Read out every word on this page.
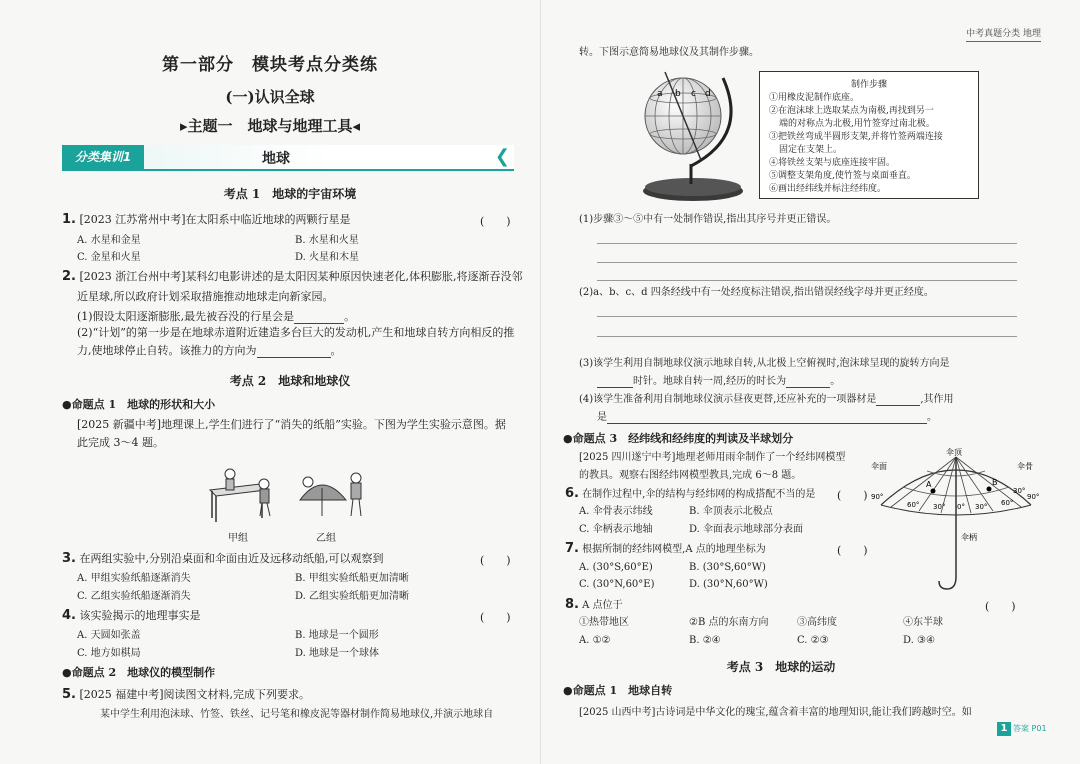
第一部分　模块考点分类练
(一)认识全球
▸主题一　地球与地理工具◂
分类集训1	地球	❮
考点 1　地球的宇宙环境
1. [2023 江苏常州中考]在太阳系中临近地球的两颗行星是	(　　)
A. 水星和金星	B. 水星和火星
C. 金星和火星	D. 火星和木星
2. [2023 浙江台州中考]某科幻电影讲述的是太阳因某种原因快速老化,体积膨胀,将逐渐吞没邻
近星球,所以政府计划采取措施推动地球走向新家园。
(1)假设太阳逐渐膨胀,最先被吞没的行星会是	。
(2)“计划”的第一步是在地球赤道附近建造多台巨大的发动机,产生和地球自转方向相反的推
力,使地球停止自转。该推力的方向为	。
考点 2　地球和地球仪
●命题点 1　地球的形状和大小
[2025 新疆中考]地理课上,学生们进行了“消失的纸船”实验。下图为学生实验示意图。据
此完成 3～4 题。
甲组	乙组
3. 在两组实验中,分别沿桌面和伞面由近及远移动纸船,可以观察到	(　　)
A. 甲组实验纸船逐渐消失	B. 甲组实验纸船更加清晰
C. 乙组实验纸船逐渐消失	D. 乙组实验纸船更加清晰
4. 该实验揭示的地理事实是	(　　)
A. 天圆如张盖	B. 地球是一个圆形
C. 地方如棋局	D. 地球是一个球体
●命题点 2　地球仪的模型制作
5. [2025 福建中考]阅读图文材料,完成下列要求。
某中学生利用泡沫球、竹签、铁丝、记号笔和橡皮泥等器材制作简易地球仪,并演示地球自
中考真题分类 地理
转。下图示意简易地球仪及其制作步骤。
a b c d
制作步骤
①用橡皮泥制作底座。
②在泡沫球上选取某点为南极,再找到另一
端的对称点为北极,用竹签穿过南北极。
③把铁丝弯成半圆形支架,并将竹签两端连接
固定在支架上。
④将铁丝支架与底座连接牢固。
⑤调整支架角度,使竹签与桌面垂直。
⑥画出经纬线并标注经纬度。
(1)步骤③～⑤中有一处制作错误,指出其序号并更正错误。
(2)a、b、c、d 四条经线中有一处经度标注错误,指出错误经线字母并更正经度。
(3)该学生利用自制地球仪演示地球自转,从北极上空俯视时,泡沫球呈现的旋转方向是
时针。地球自转一周,经历的时长为	。
(4)该学生准备利用自制地球仪演示昼夜更替,还应补充的一项器材是	,其作用
是	。
●命题点 3　经纬线和经纬度的判读及半球划分
[2025 四川遂宁中考]地理老师用雨伞制作了一个经纬网模型
的教具。观察右图经纬网模型教具,完成 6～8 题。
6. 在制作过程中,伞的结构与经纬网的构成搭配不当的是 (　　)
A. 伞骨表示纬线	B. 伞顶表示北极点
C. 伞柄表示地轴	D. 伞面表示地球部分表面
7. 根据所制的经纬网模型,A 点的地理坐标为	(　　)
A. (30°S,60°E)	B. (30°S,60°W)
C. (30°N,60°E)	D. (30°N,60°W)
伞顶
伞面	伞骨
伞柄
A	B
90°	90°
60°	60°
30°	30°
0°
30°
8. A 点位于	(　　)
①热带地区	②B 点的东南方向	③高纬度	④东半球
A. ①②	B. ②④	C. ②③	D. ③④
考点 3　地球的运动
●命题点 1　地球自转
[2025 山西中考]古诗词是中华文化的瑰宝,蕴含着丰富的地理知识,能让我们跨越时空。如
1 答案 P01
